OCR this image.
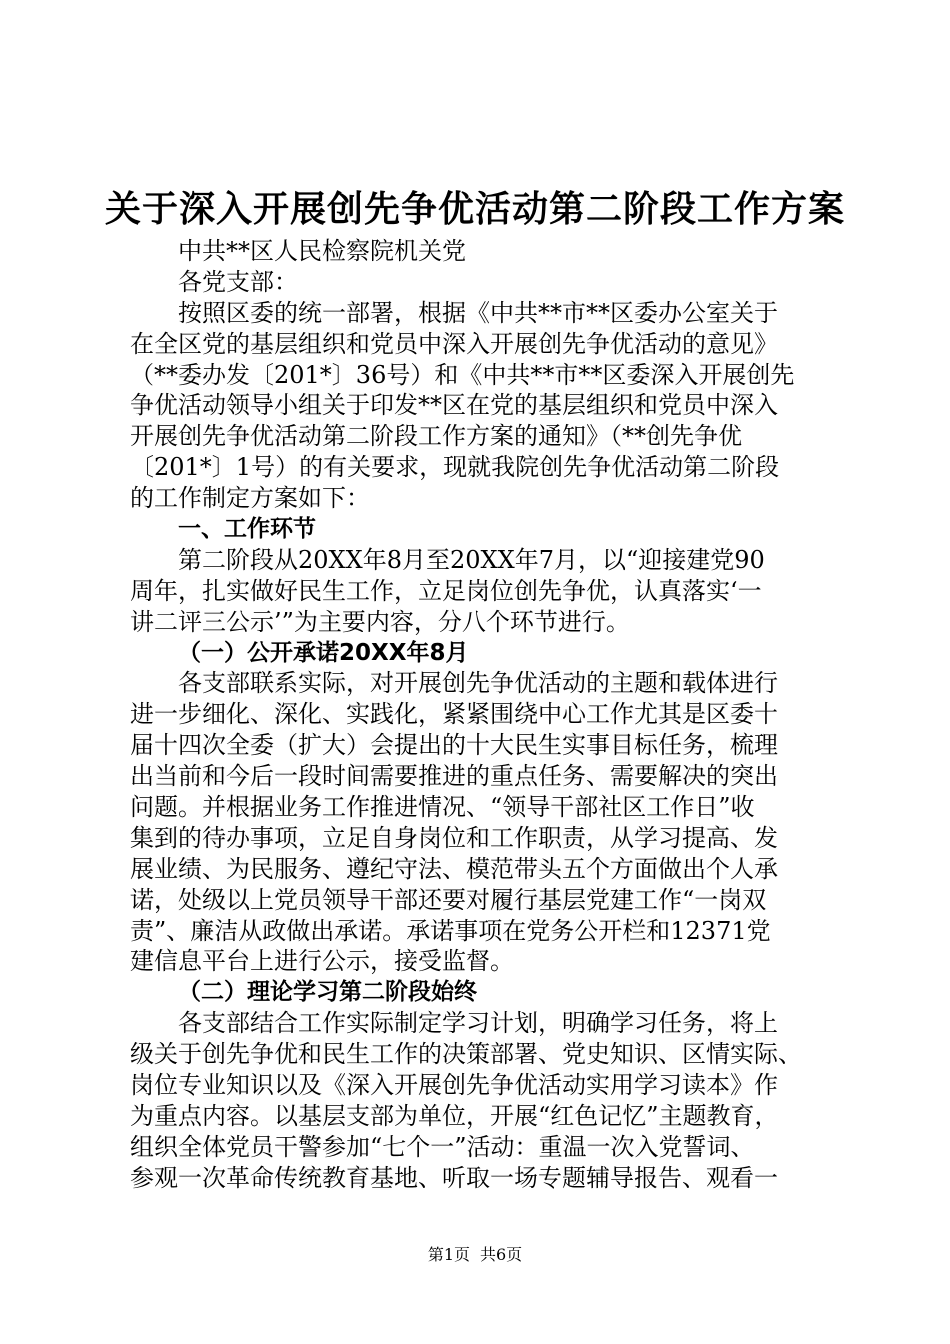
关于深入开展创先争优活动第二阶段工作方案
中共**区人民检察院机关党
各党支部：
按照区委的统一部署，根据《中共**市**区委办公室关于
在全区党的基层组织和党员中深入开展创先争优活动的意见》
（**委办发〔201*〕36号）和《中共**市**区委深入开展创先
争优活动领导小组关于印发**区在党的基层组织和党员中深入
开展创先争优活动第二阶段工作方案的通知》（**创先争优
〔201*〕1号）的有关要求，现就我院创先争优活动第二阶段
的工作制定方案如下：
一、工作环节
第二阶段从20XX年8月至20XX年7月，以“迎接建党90
周年，扎实做好民生工作，立足岗位创先争优，认真落实‘一
讲二评三公示’”为主要内容，分八个环节进行。
（一）公开承诺20XX年8月
各支部联系实际，对开展创先争优活动的主题和载体进行
进一步细化、深化、实践化，紧紧围绕中心工作尤其是区委十
届十四次全委（扩大）会提出的十大民生实事目标任务，梳理
出当前和今后一段时间需要推进的重点任务、需要解决的突出
问题。并根据业务工作推进情况、“领导干部社区工作日”收
集到的待办事项，立足自身岗位和工作职责，从学习提高、发
展业绩、为民服务、遵纪守法、模范带头五个方面做出个人承
诺，处级以上党员领导干部还要对履行基层党建工作“一岗双
责”、廉洁从政做出承诺。承诺事项在党务公开栏和12371党
建信息平台上进行公示，接受监督。
（二）理论学习第二阶段始终
各支部结合工作实际制定学习计划，明确学习任务，将上
级关于创先争优和民生工作的决策部署、党史知识、区情实际、
岗位专业知识以及《深入开展创先争优活动实用学习读本》作
为重点内容。以基层支部为单位，开展“红色记忆”主题教育，
组织全体党员干警参加“七个一”活动：重温一次入党誓词、
参观一次革命传统教育基地、听取一场专题辅导报告、观看一
第1页 共6页
